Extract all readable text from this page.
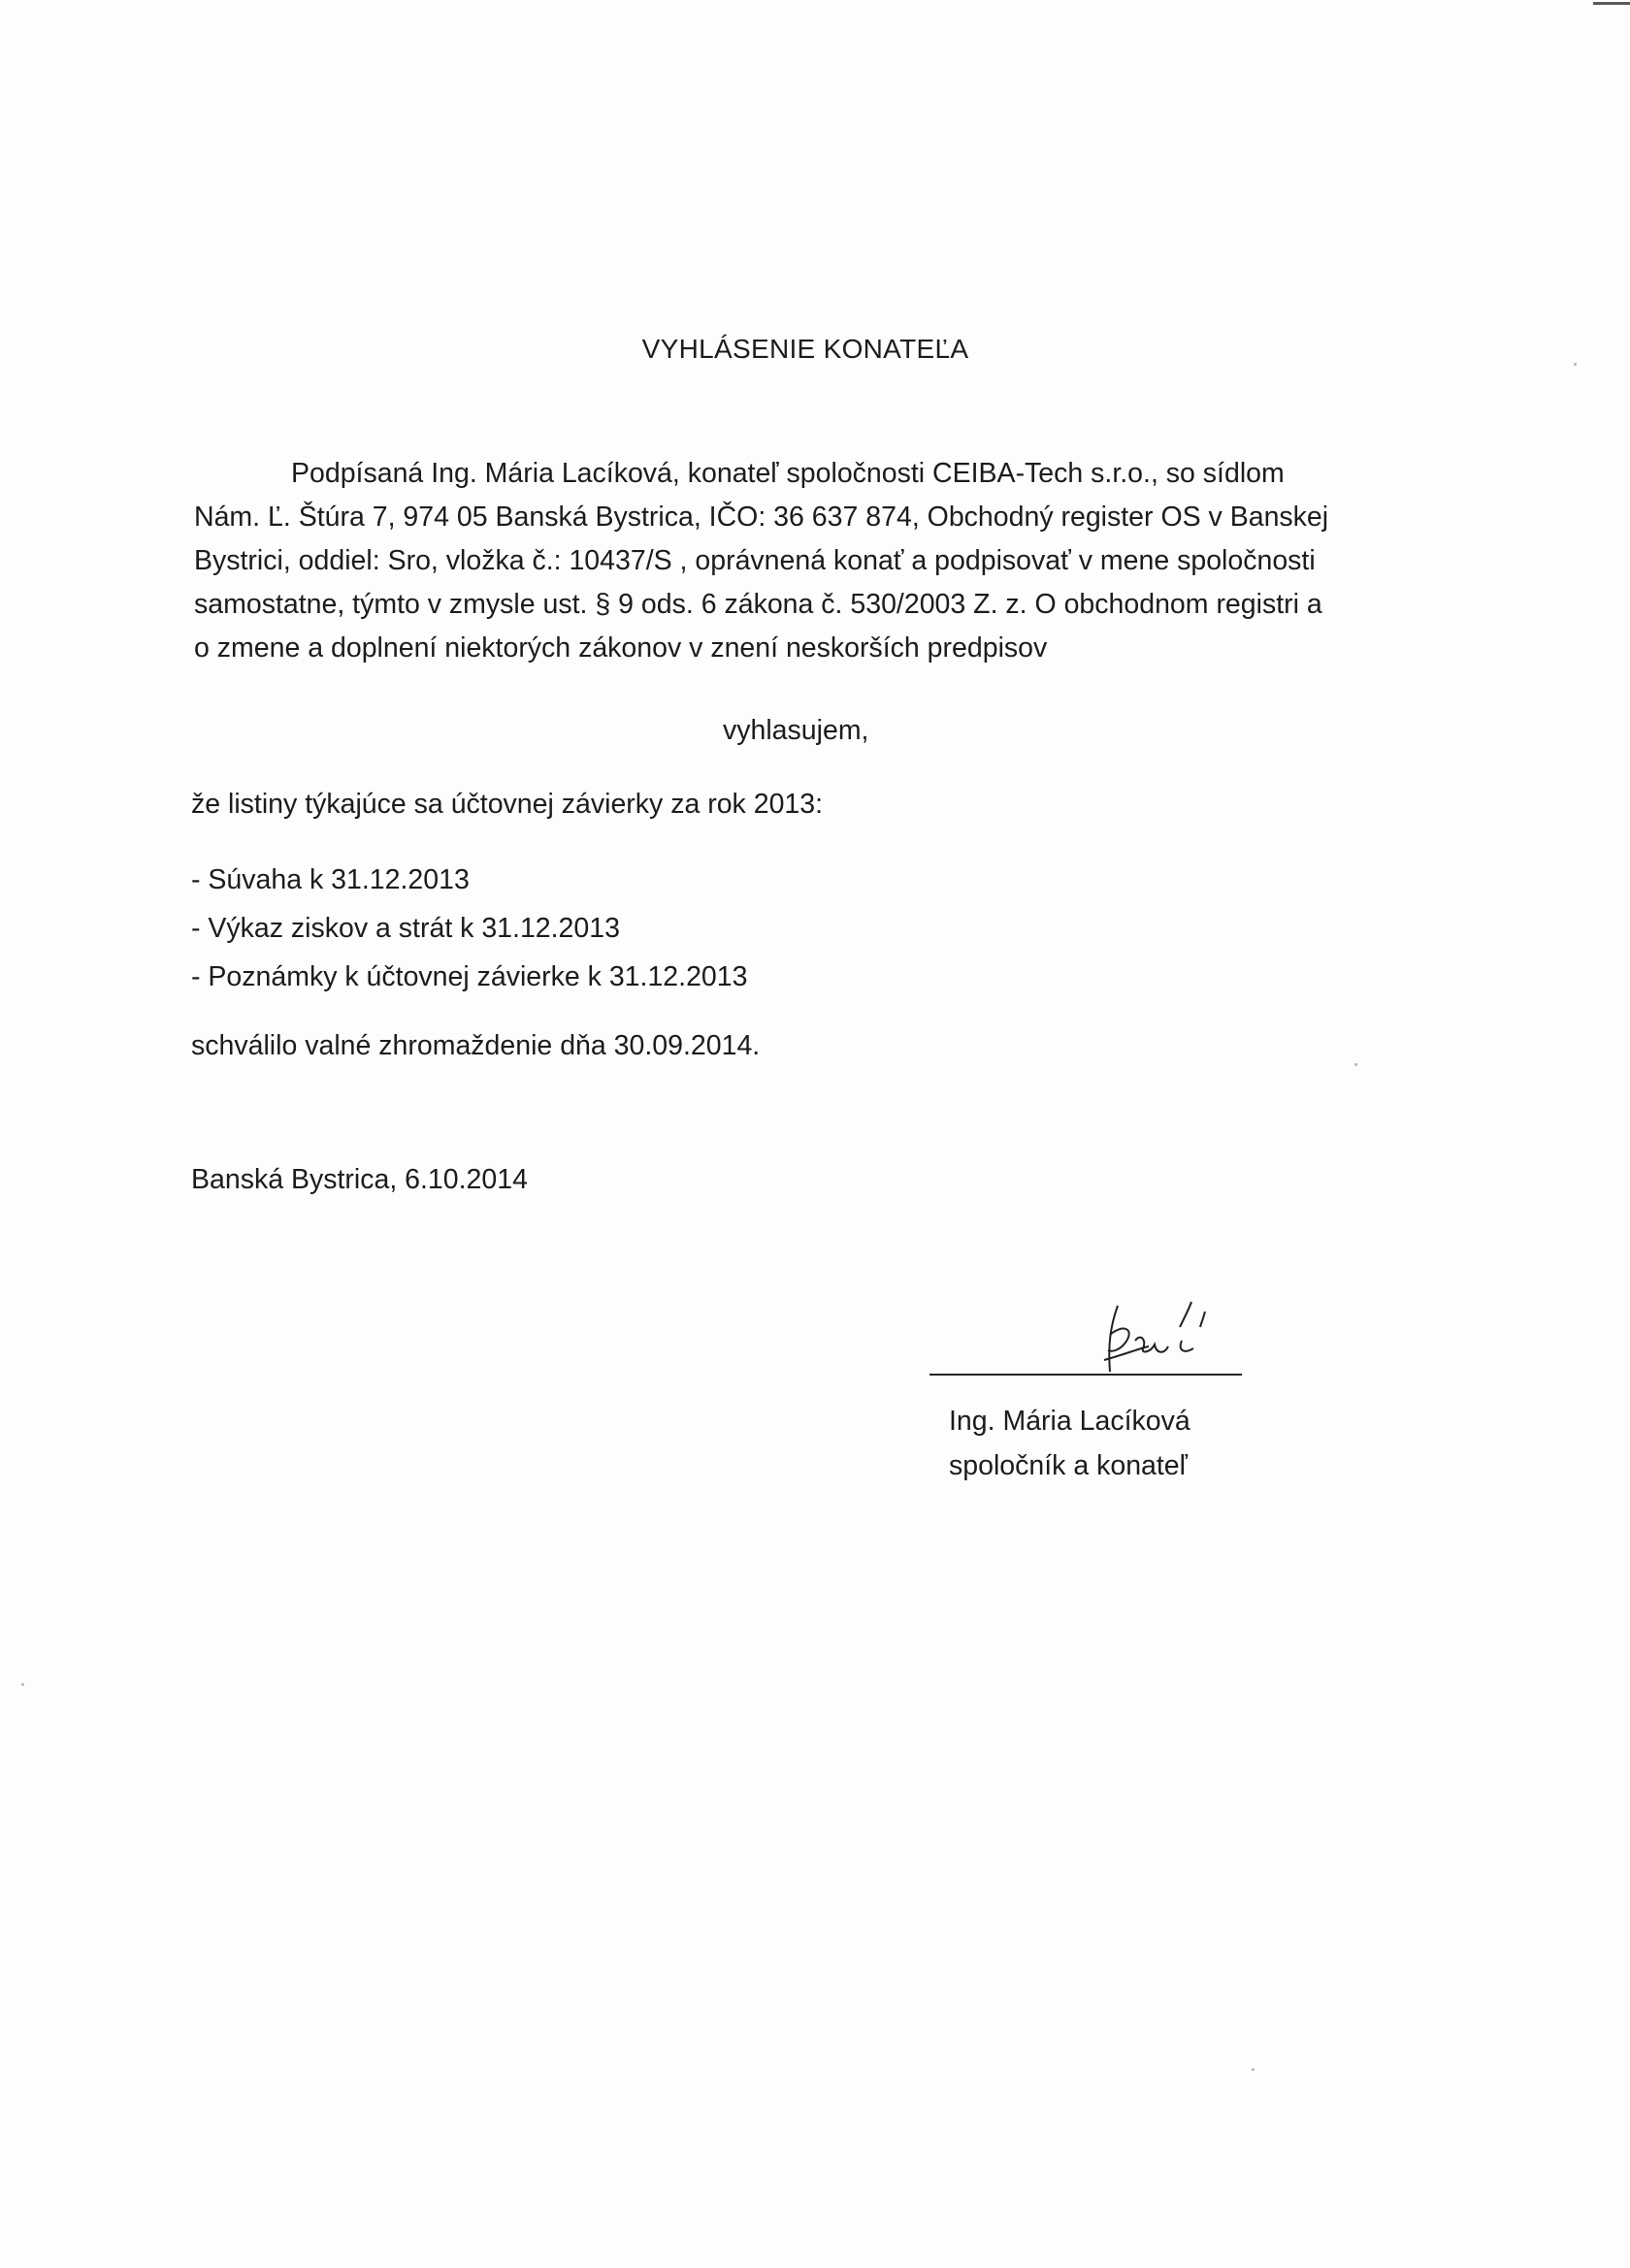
VYHLÁSENIE KONATEĽA
Podpísaná Ing. Mária Lacíková, konateľ spoločnosti CEIBA-Tech s.r.o., so sídlom
Nám. Ľ. Štúra 7, 974 05 Banská Bystrica, IČO: 36 637 874, Obchodný register OS v Banskej
Bystrici, oddiel: Sro, vložka č.: 10437/S , oprávnená konať a podpisovať v mene spoločnosti
samostatne, týmto v zmysle ust. § 9 ods. 6 zákona č. 530/2003 Z. z. O obchodnom registri a
o zmene a doplnení niektorých zákonov v znení neskorších predpisov
vyhlasujem,
že listiny týkajúce sa účtovnej závierky za rok 2013:
- Súvaha k 31.12.2013
- Výkaz ziskov a strát k 31.12.2013
- Poznámky k účtovnej závierke k 31.12.2013
schválilo valné zhromaždenie dňa 30.09.2014.
Banská Bystrica, 6.10.2014
Ing. Mária Lacíková
spoločník a konateľ
